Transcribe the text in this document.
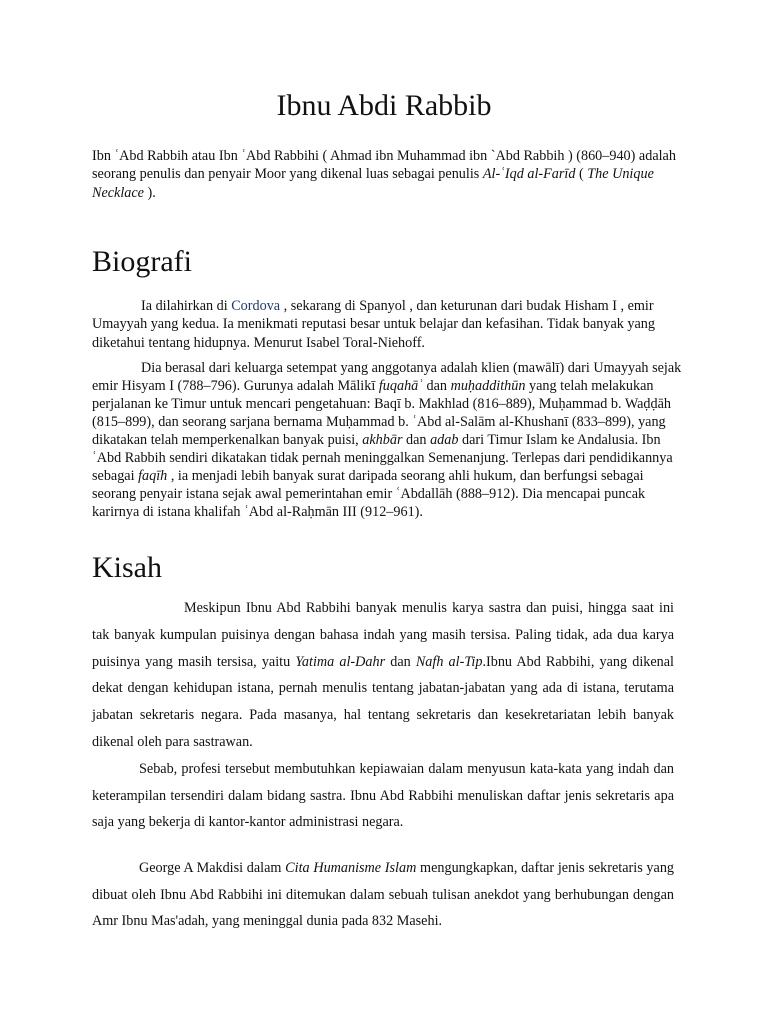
Ibnu Abdi Rabbib

Ibn ʿAbd Rabbih atau Ibn ʿAbd Rabbihi ( Ahmad ibn Muhammad ibn `Abd Rabbih ) (860–940) adalah seorang penulis dan penyair Moor yang dikenal luas sebagai penulis Al-ʿIqd al-Farīd ( The Unique Necklace ).

Biografi

Ia dilahirkan di Cordova , sekarang di Spanyol , dan keturunan dari budak Hisham I , emir Umayyah yang kedua. Ia menikmati reputasi besar untuk belajar dan kefasihan. Tidak banyak yang diketahui tentang hidupnya. Menurut Isabel Toral-Niehoff.

Dia berasal dari keluarga setempat yang anggotanya adalah klien (mawālī) dari Umayyah sejak emir Hisyam I (788–796). Gurunya adalah Mālikī fuqahāʾ dan muḥaddithūn yang telah melakukan perjalanan ke Timur untuk mencari pengetahuan: Baqī b. Makhlad (816–889), Muḥammad b. Waḍḍāh (815–899), dan seorang sarjana bernama Muḥammad b. ʿAbd al-Salām al-Khushanī (833–899), yang dikatakan telah memperkenalkan banyak puisi, akhbār dan adab dari Timur Islam ke Andalusia. Ibn ʿAbd Rabbih sendiri dikatakan tidak pernah meninggalkan Semenanjung. Terlepas dari pendidikannya sebagai faqīh , ia menjadi lebih banyak surat daripada seorang ahli hukum, dan berfungsi sebagai seorang penyair istana sejak awal pemerintahan emir ʿAbdallāh (888–912). Dia mencapai puncak karirnya di istana khalifah ʿAbd al-Raḥmān III (912–961).

Kisah

Meskipun Ibnu Abd Rabbihi banyak menulis karya sastra dan puisi, hingga saat ini tak banyak kumpulan puisinya dengan bahasa indah yang masih tersisa. Paling tidak, ada dua karya puisinya yang masih tersisa, yaitu Yatima al-Dahr dan Nafh al-Tip.Ibnu Abd Rabbihi, yang dikenal dekat dengan kehidupan istana, pernah menulis tentang jabatan-jabatan yang ada di istana, terutama jabatan sekretaris negara. Pada masanya, hal tentang sekretaris dan kesekretariatan lebih banyak dikenal oleh para sastrawan.

Sebab, profesi tersebut membutuhkan kepiawaian dalam menyusun kata-kata yang indah dan keterampilan tersendiri dalam bidang sastra. Ibnu Abd Rabbihi menuliskan daftar jenis sekretaris apa saja yang bekerja di kantor-kantor administrasi negara.

George A Makdisi dalam Cita Humanisme Islam mengungkapkan, daftar jenis sekretaris yang dibuat oleh Ibnu Abd Rabbihi ini ditemukan dalam sebuah tulisan anekdot yang berhubungan dengan Amr Ibnu Mas'adah, yang meninggal dunia pada 832 Masehi.
